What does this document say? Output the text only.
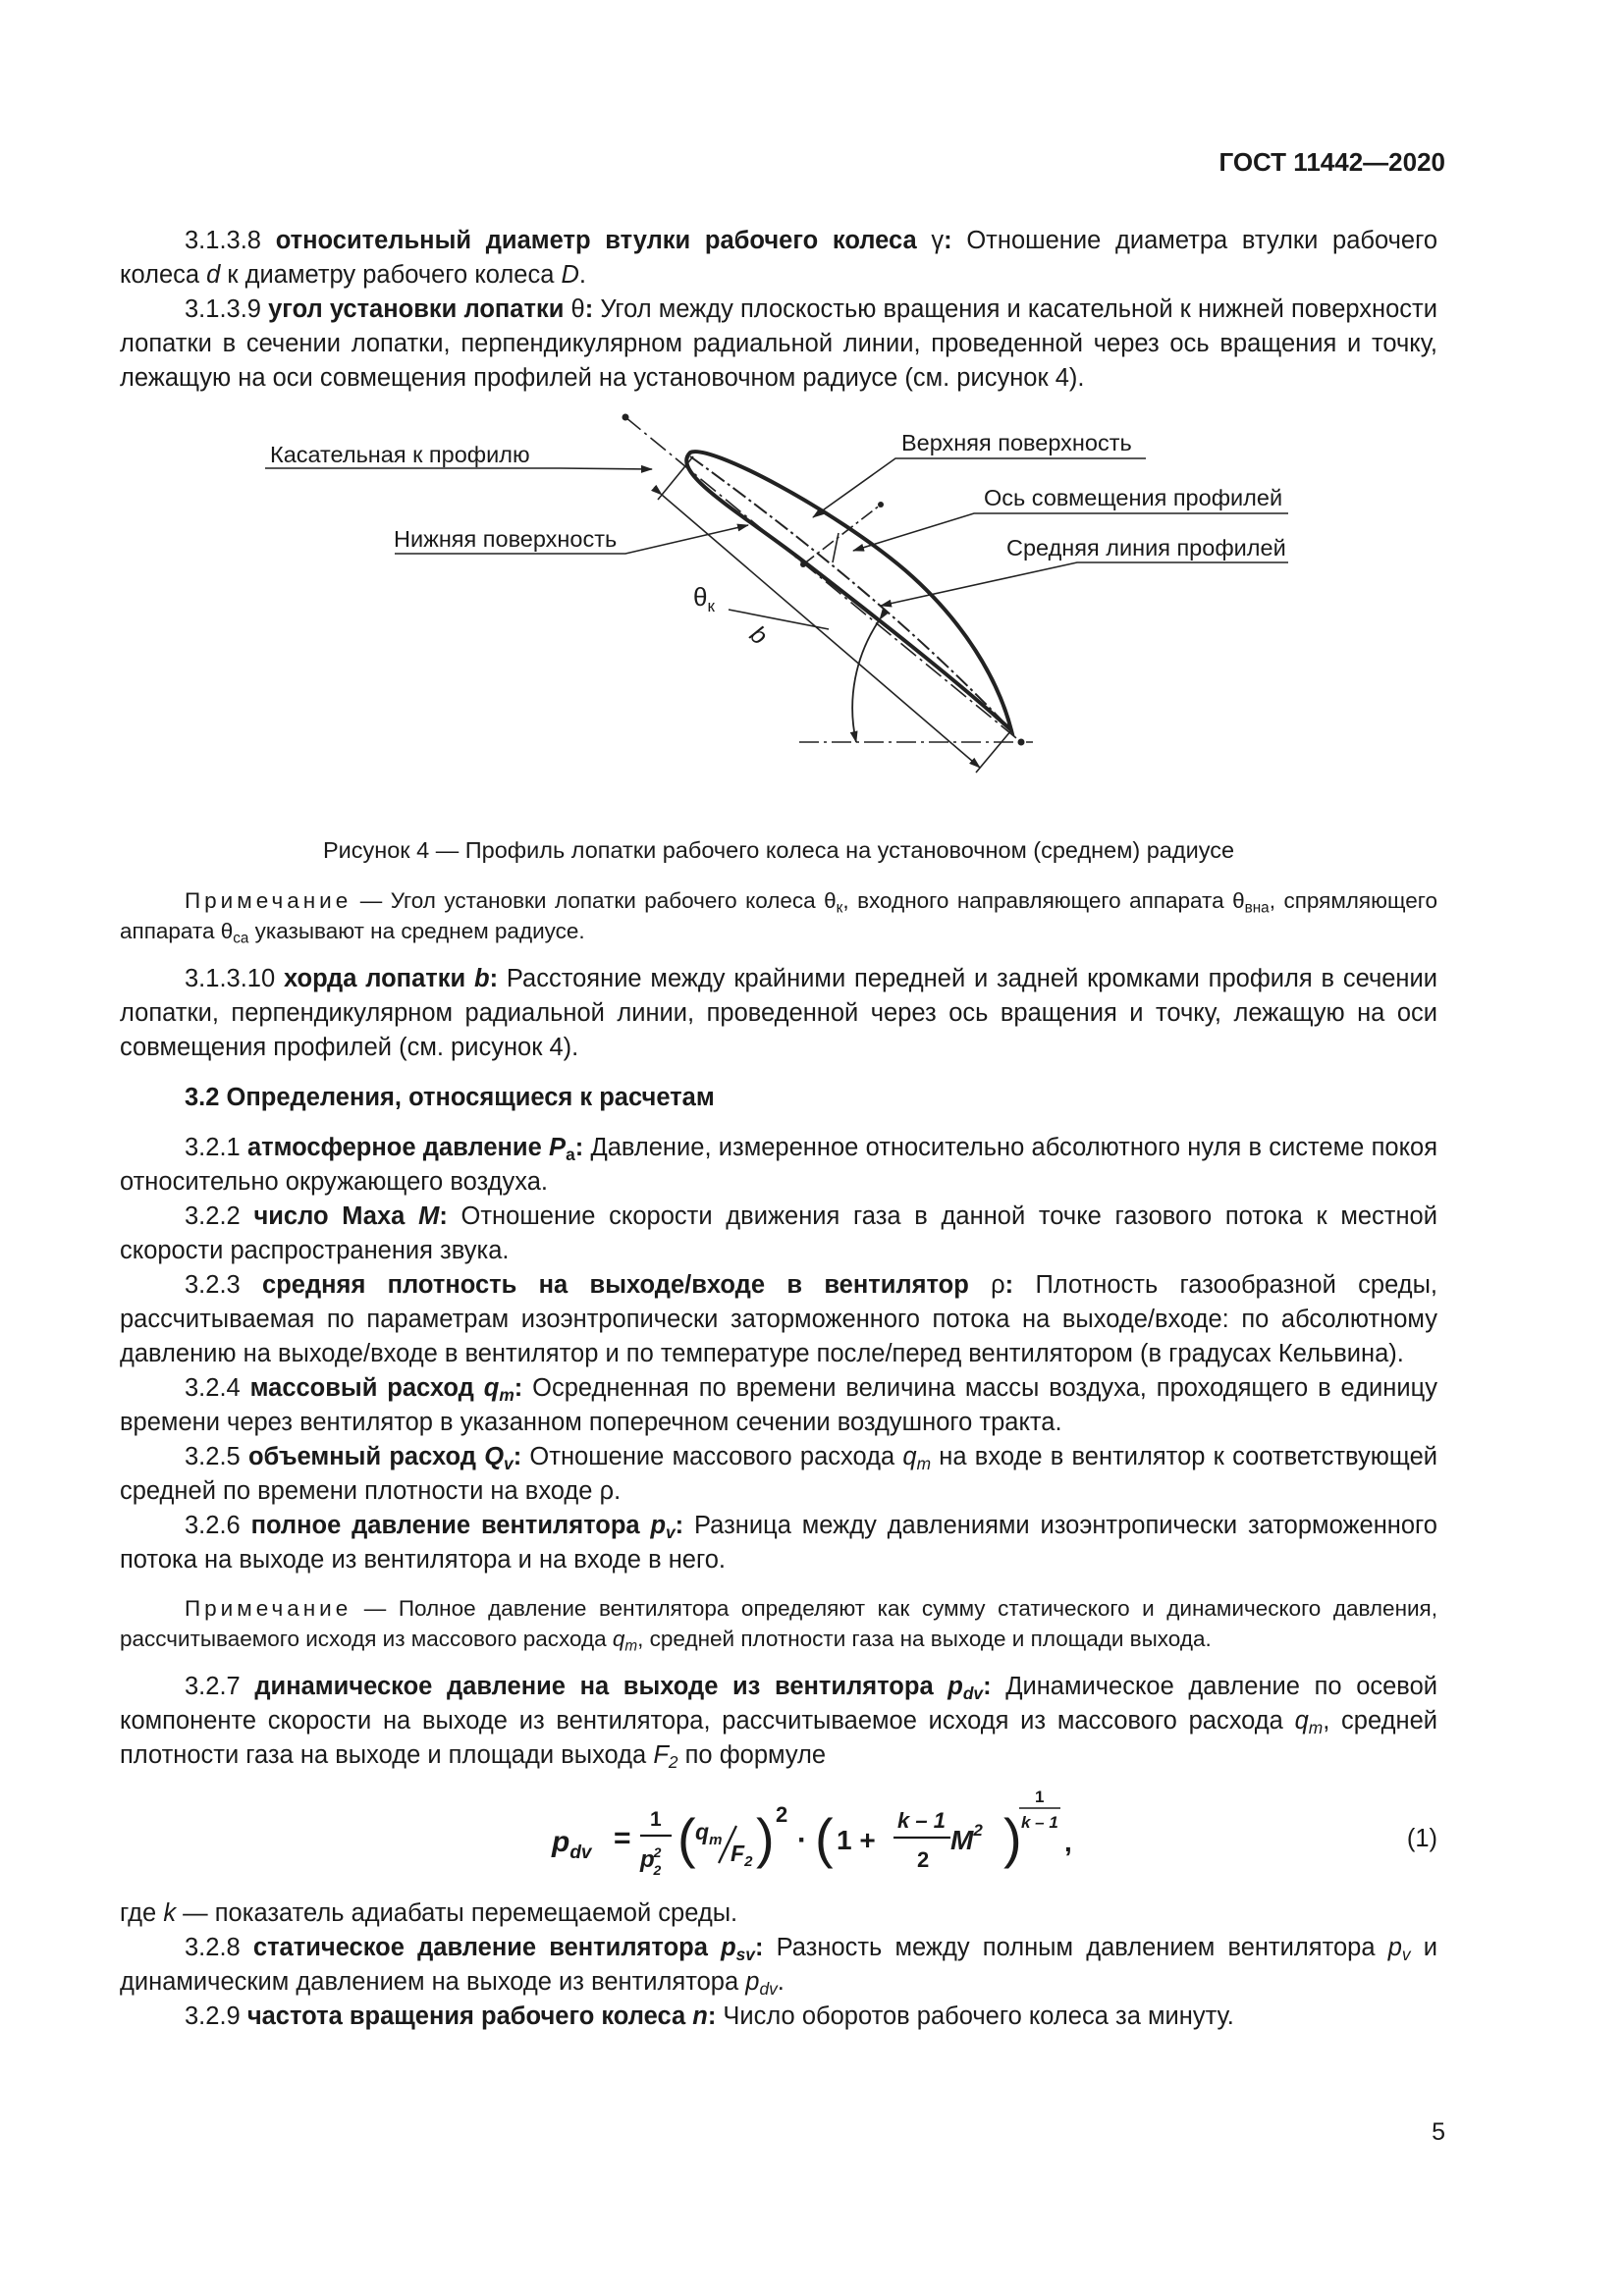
ГОСТ 11442—2020

3.1.3.8 относительный диаметр втулки рабочего колеса γ: Отношение диаметра втулки рабочего колеса d к диаметру рабочего колеса D.

3.1.3.9 угол установки лопатки θ: Угол между плоскостью вращения и касательной к нижней поверхности лопатки в сечении лопатки, перпендикулярном радиальной линии, проведенной через ось вращения и точку, лежащую на оси совмещения профилей на установочном радиусе (см. рисунок 4).

Касательная к профилю	Верхняя поверхность
Ось совмещения профилей
Нижняя поверхность	Средняя линия профилей
b
$\theta_к$
Рисунок 4 — Профиль лопатки рабочего колеса на установочном (среднем) радиусе

Примечание — Угол установки лопатки рабочего колеса $\theta_к$, входного направляющего аппарата $\theta_{вна}$, спрямляющего аппарата $\theta_{са}$ указывают на среднем радиусе.

3.1.3.10 хорда лопатки b: Расстояние между крайними передней и задней кромками профиля в сечении лопатки, перпендикулярном радиальной линии, проведенной через ось вращения и точку, лежащую на оси совмещения профилей (см. рисунок 4).

3.2 Определения, относящиеся к расчетам

3.2.1 атмосферное давление $P_a$: Давление, измеренное относительно абсолютного нуля в системе покоя относительно окружающего воздуха.

3.2.2 число Маха M: Отношение скорости движения газа в данной точке газового потока к местной скорости распространения звука.

3.2.3 средняя плотность на выходе/входе в вентилятор ρ: Плотность газообразной среды, рассчитываемая по параметрам изоэнтропически заторможенного потока на выходе/входе: по абсолютному давлению на выходе/входе в вентилятор и по температуре после/перед вентилятором (в градусах Кельвина).

3.2.4 массовый расход $q_m$: Осредненная по времени величина массы воздуха, проходящего в единицу времени через вентилятор в указанном поперечном сечении воздушного тракта.

3.2.5 объемный расход $Q_v$: Отношение массового расхода $q_m$ на входе в вентилятор к соответствующей средней по времени плотности на входе ρ.

3.2.6 полное давление вентилятора $p_v$: Разница между давлениями изоэнтропически заторможенного потока на выходе из вентилятора и на входе в него.

Примечание — Полное давление вентилятора определяют как сумму статического и динамического давления, рассчитываемого исходя из массового расхода $q_m$, средней плотности газа на выходе и площади выхода.

3.2.7 динамическое давление на выходе из вентилятора $p_{dv}$: Динамическое давление по осевой компоненте скорости на выходе из вентилятора, рассчитываемое исходя из массового расхода $q_m$, средней плотности газа на выходе и площади выхода $F_2$ по формуле

$p_{dv}$ =
1
p2 2
( $q_m$
$F_2$ ) 2
· ( 1 +
k – 1
2
$M^2$ )
1
k – 1
,	(1)

где k — показатель адиабаты перемещаемой среды.

3.2.8 статическое давление вентилятора $p_{sv}$: Разность между полным давлением вентилятора $p_v$ и динамическим давлением на выходе из вентилятора $p_{dv}$.

3.2.9 частота вращения рабочего колеса n: Число оборотов рабочего колеса за минуту.

5
